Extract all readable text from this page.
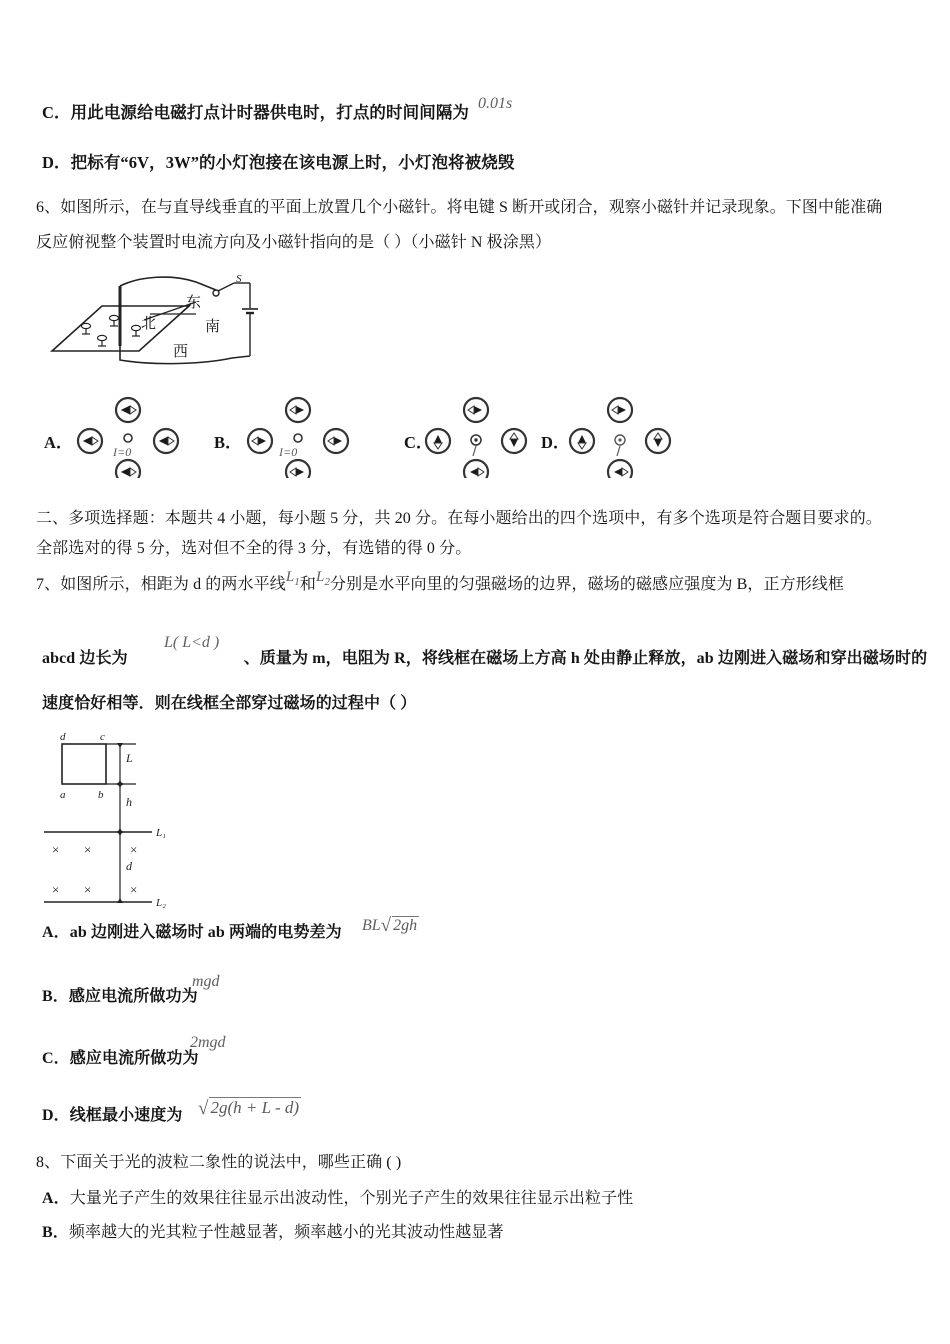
C．用此电源给电磁打点计时器供电时，打点的时间间隔为 0.01s
D．把标有“6V，3W”的小灯泡接在该电源上时，小灯泡将被烧毁
6、如图所示，在与直导线垂直的平面上放置几个小磁针。将电键 S 断开或闭合，观察小磁针并记录现象。下图中能准确
反应俯视整个装置时电流方向及小磁针指向的是（ ）（小磁针 N 极涂黑）
S
东
西
北	南
A．	I=0	B．	I=0	C．	D．
二、多项选择题：本题共 4 小题，每小题 5 分，共 20 分。在每小题给出的四个选项中，有多个选项是符合题目要求的。
全部选对的得 5 分，选对但不全的得 3 分，有选错的得 0 分。
7、如图所示，相距为 d 的两水平线$L_1$和$L_2$分别是水平向里的匀强磁场的边界，磁场的磁感应强度为 B，正方形线框
abcd 边长为	、质量为 m，电阻为 R，将线框在磁场上方高 h 处由静止释放，ab 边刚进入磁场和穿出磁场时的
L( L<d )
速度恰好相等．则在线框全部穿过磁场的过程中（ ）
d	c
a	b
L
h
L₁
L₂
d
× ×	×
× ×	×
A．ab 边刚进入磁场时 ab 两端的电势差为 BL√ 2gh
B．感应电流所做功为
mgd
C．感应电流所做功为
2mgd
D．线框最小速度为 √ 2g(h + L - d)
8、下面关于光的波粒二象性的说法中，哪些正确 ( )
A．大量光子产生的效果往往显示出波动性，个别光子产生的效果往往显示出粒子性
B．频率越大的光其粒子性越显著，频率越小的光其波动性越显著
